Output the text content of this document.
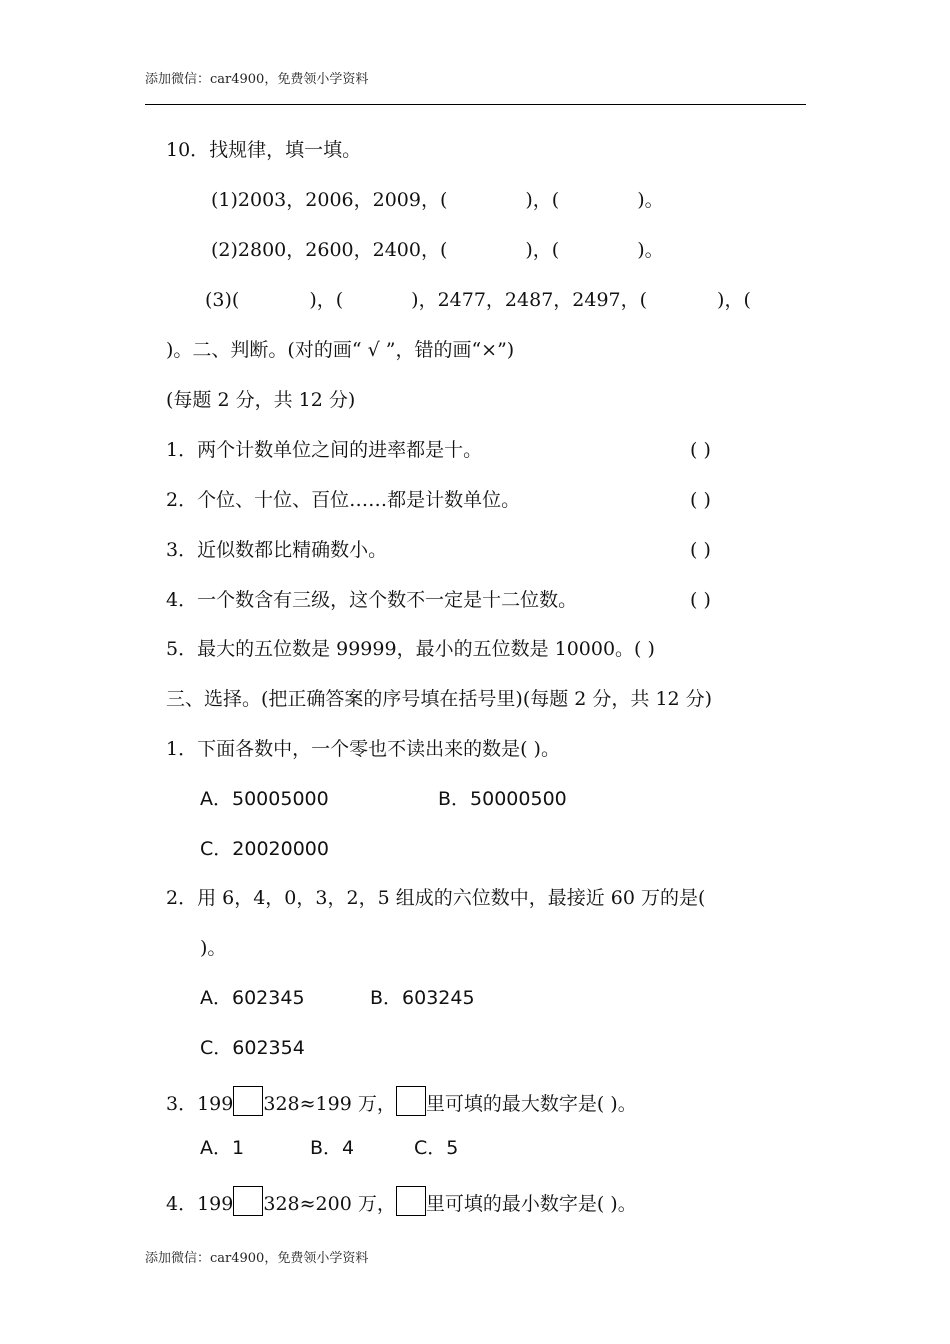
添加微信：car4900，免费领小学资料
10．找规律，填一填。
(1)2003，2006，2009，(	)，(	)。
(2)2800，2600，2400，(	)，(	)。
(3)(	)，(	)，2477，2487，2497，(	)，(
)。二、判断。(对的画“ √ ”，错的画“×”)
(每题 2 分，共 12 分)
1．两个计数单位之间的进率都是十。	( )
2．个位、十位、百位……都是计数单位。	( )
3．近似数都比精确数小。	( )
4．一个数含有三级，这个数不一定是十二位数。	( )
5．最大的五位数是 99999，最小的五位数是 10000。( )
三、选择。(把正确答案的序号填在括号里)(每题 2 分，共 12 分)
1．下面各数中，一个零也不读出来的数是( )。
A．50005000	B．50000500
C．20020000
2．用 6，4，0，3，2，5 组成的六位数中，最接近 60 万的是(
)。
A．602345	B．603245
C．602354
3．199 328≈199 万， 里可填的最大数字是( )。
A．1	B．4	C．5
4．199 328≈200 万， 里可填的最小数字是( )。
添加微信：car4900，免费领小学资料
